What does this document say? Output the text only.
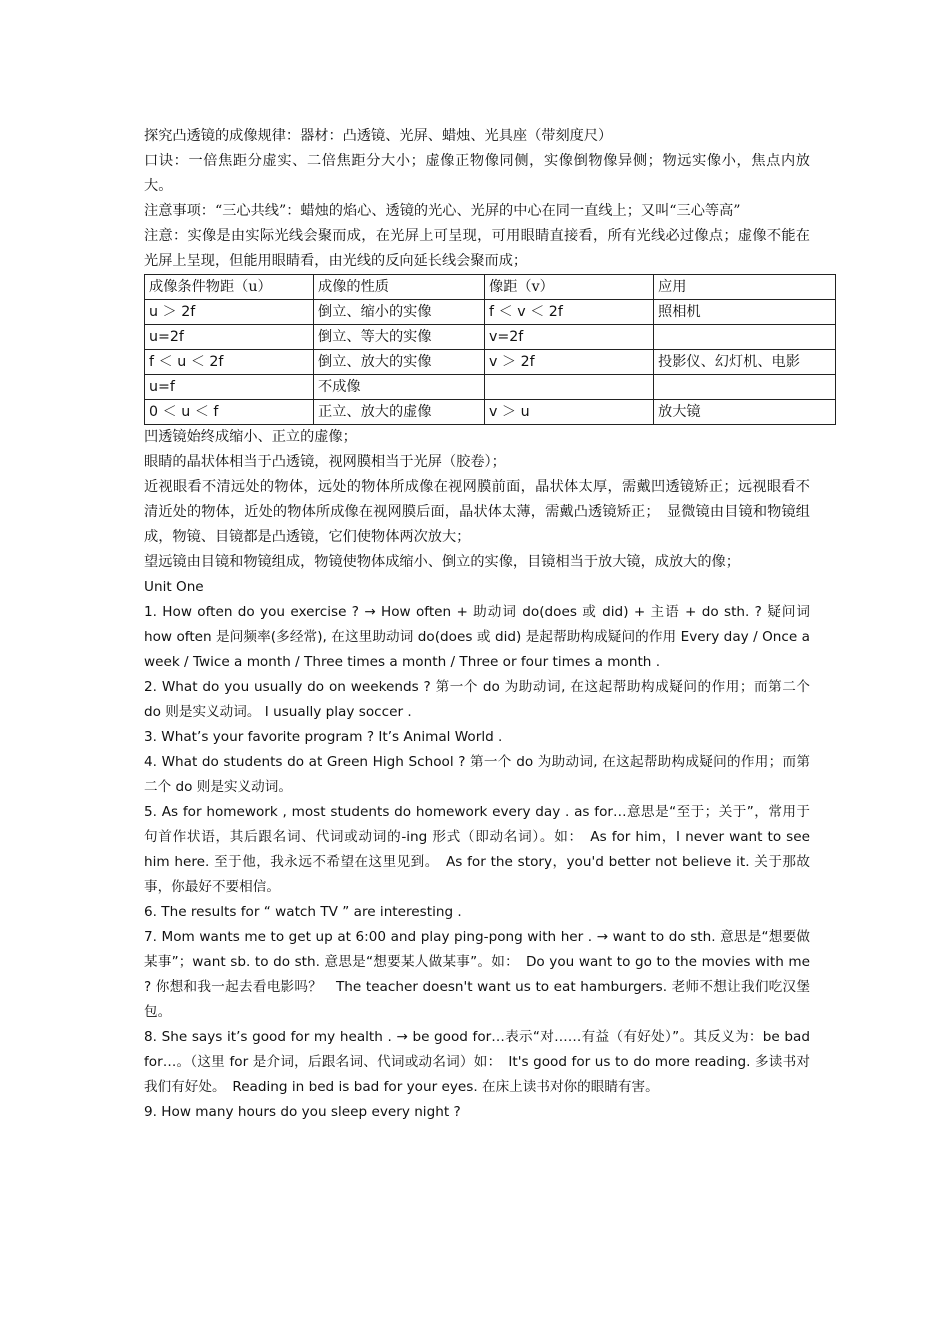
探究凸透镜的成像规律：器材：凸透镜、光屏、蜡烛、光具座（带刻度尺）

口诀：一倍焦距分虚实、二倍焦距分大小；虚像正物像同侧，实像倒物像异侧；物远实像小，焦点内放大。

注意事项：“三心共线”：蜡烛的焰心、透镜的光心、光屏的中心在同一直线上；又叫“三心等高”

注意：实像是由实际光线会聚而成，在光屏上可呈现，可用眼睛直接看，所有光线必过像点；虚像不能在光屏上呈现，但能用眼睛看，由光线的反向延长线会聚而成；

成像条件物距（u）	成像的性质	像距（v）	应用
u ＞ 2f	倒立、缩小的实像	f ＜ v ＜ 2f	照相机
u=2f	倒立、等大的实像	v=2f	
f ＜ u ＜ 2f	倒立、放大的实像	v ＞ 2f	投影仪、幻灯机、电影
u=f	不成像		
0 ＜ u ＜ f	正立、放大的虚像	v ＞ u	放大镜

凹透镜始终成缩小、正立的虚像；

眼睛的晶状体相当于凸透镜，视网膜相当于光屏（胶卷）；

近视眼看不清远处的物体，远处的物体所成像在视网膜前面，晶状体太厚，需戴凹透镜矫正；远视眼看不清近处的物体，近处的物体所成像在视网膜后面，晶状体太薄，需戴凸透镜矫正；　显微镜由目镜和物镜组成，物镜、目镜都是凸透镜，它们使物体两次放大；

望远镜由目镜和物镜组成，物镜使物体成缩小、倒立的实像，目镜相当于放大镜，成放大的像；

Unit One

1. How often do you exercise ? → How often + 助动词 do(does 或 did) + 主语 + do sth. ? 疑问词 how often 是问频率(多经常), 在这里助动词 do(does 或 did) 是起帮助构成疑问的作用 Every day / Once a week / Twice a month / Three times a month / Three or four times a month .

2. What do you usually do on weekends ? 第一个 do 为助动词, 在这起帮助构成疑问的作用；而第二个 do 则是实义动词。 I usually play soccer .

3. What’s your favorite program ? It’s Animal World .

4. What do students do at Green High School ? 第一个 do 为助动词, 在这起帮助构成疑问的作用；而第二个 do 则是实义动词。

5. As for homework , most students do homework every day . as for…意思是“至于；关于”，常用于句首作状语，其后跟名词、代词或动词的-ing 形式（即动名词）。如：　As for him，I never want to see him here. 至于他，我永远不希望在这里见到。　As for the story，you'd better not believe it. 关于那故事，你最好不要相信。

6. The results for “ watch TV ” are interesting .

7. Mom wants me to get up at 6:00 and play ping-pong with her . → want to do sth. 意思是“想要做某事”；want sb. to do sth. 意思是“想要某人做某事”。如：　Do you want to go to the movies with me ? 你想和我一起去看电影吗？　The teacher doesn't want us to eat hamburgers. 老师不想让我们吃汉堡包。

8. She says it’s good for my health . → be good for…表示“对……有益（有好处）”。其反义为：be bad for…。（这里 for 是介词，后跟名词、代词或动名词）如：　It's good for us to do more reading. 多读书对我们有好处。　Reading in bed is bad for your eyes. 在床上读书对你的眼睛有害。

9. How many hours do you sleep every night ?
